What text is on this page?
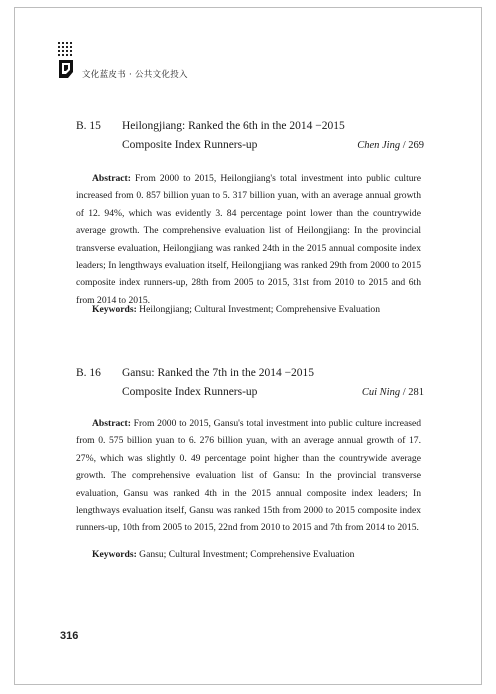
文化蓝皮书 · 公共文化投入
B. 15 Heilongjiang: Ranked the 6th in the 2014 −2015
Composite Index Runners-up	Chen Jing / 269
Abstract: From 2000 to 2015, Heilongjiang's total investment into public culture increased from 0. 857 billion yuan to 5. 317 billion yuan, with an average annual growth of 12. 94%, which was evidently 3. 84 percentage point lower than the countrywide average growth. The comprehensive evaluation list of Heilongjiang: In the provincial transverse evaluation, Heilongjiang was ranked 24th in the 2015 annual composite index leaders; In lengthways evaluation itself, Heilongjiang was ranked 29th from 2000 to 2015 composite index runners-up, 28th from 2005 to 2015, 31st from 2010 to 2015 and 6th from 2014 to 2015.
Keywords: Heilongjiang; Cultural Investment; Comprehensive Evaluation
B. 16 Gansu: Ranked the 7th in the 2014 −2015
Composite Index Runners-up	Cui Ning / 281
Abstract: From 2000 to 2015, Gansu's total investment into public culture increased from 0. 575 billion yuan to 6. 276 billion yuan, with an average annual growth of 17. 27%, which was slightly 0. 49 percentage point higher than the countrywide average growth. The comprehensive evaluation list of Gansu: In the provincial transverse evaluation, Gansu was ranked 4th in the 2015 annual composite index leaders; In lengthways evaluation itself, Gansu was ranked 15th from 2000 to 2015 composite index runners-up, 10th from 2005 to 2015, 22nd from 2010 to 2015 and 7th from 2014 to 2015.
Keywords: Gansu; Cultural Investment; Comprehensive Evaluation
316
